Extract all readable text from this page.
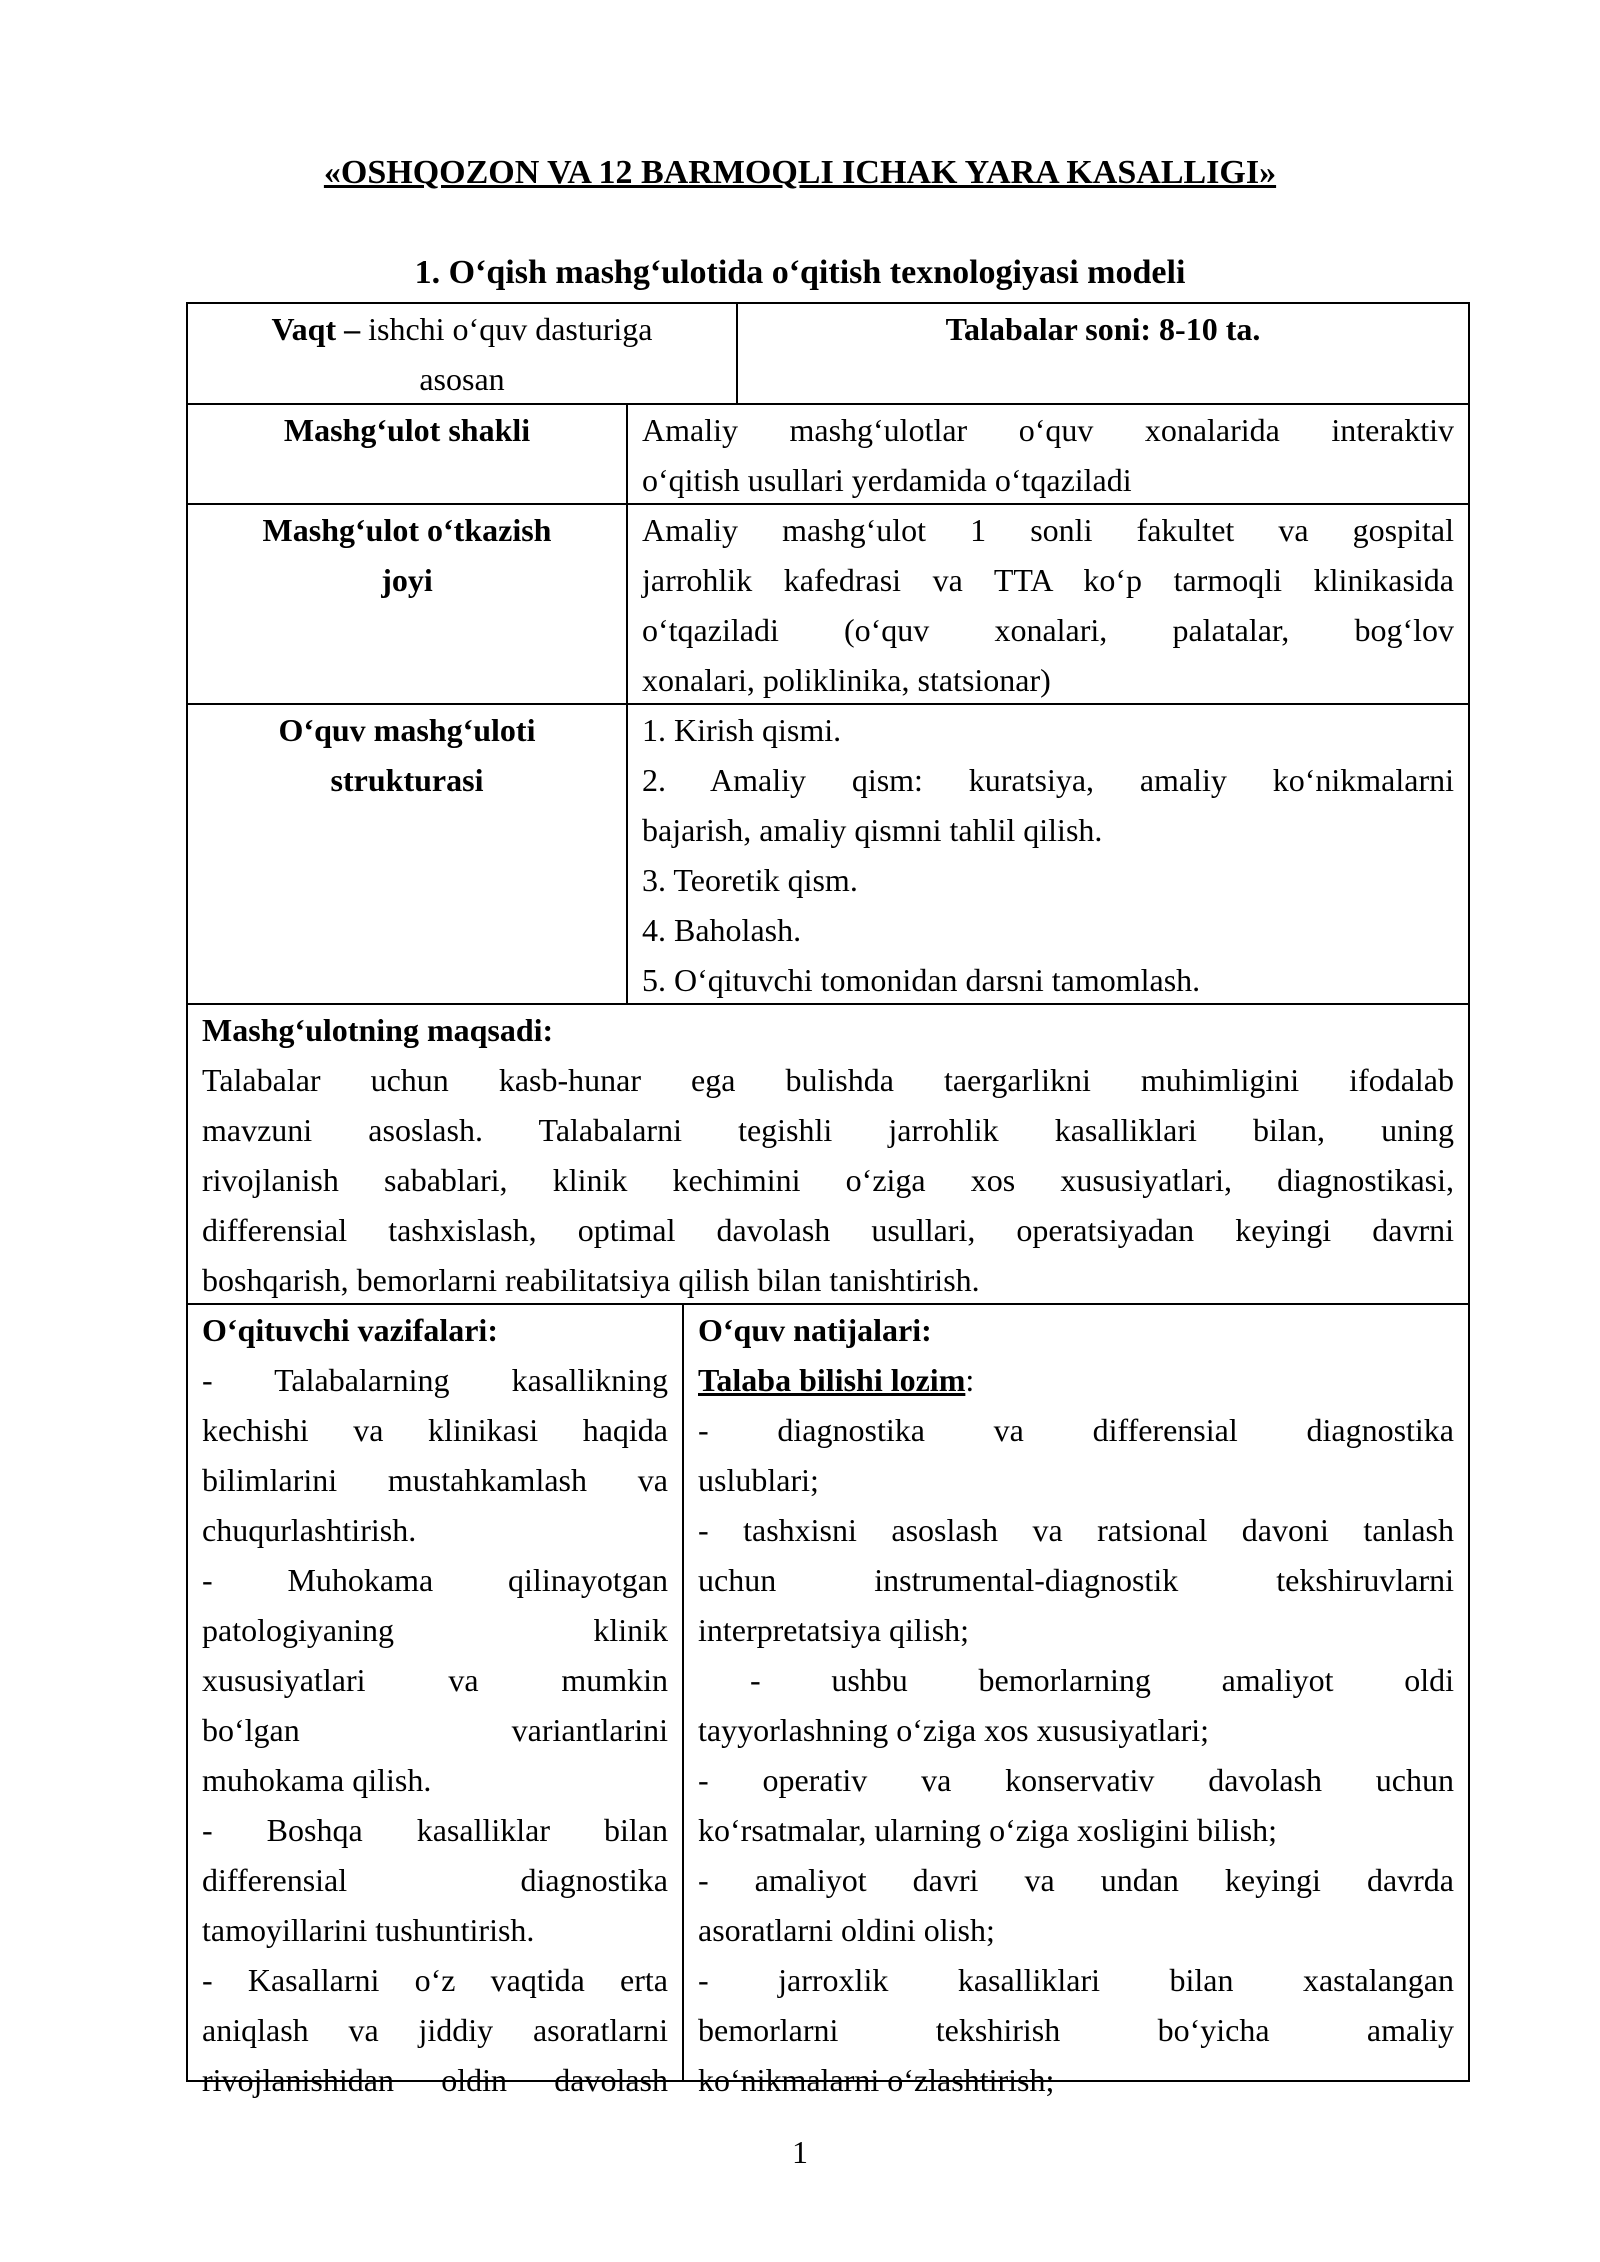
«OSHQOZON VA 12 BARMOQLI ICHAK YARA KASALLIGI»
1. O‘qish mashg‘ulotida o‘qitish texnologiyasi modeli
Vaqt – ishchi o‘quv dasturiga
asosan
Talabalar soni: 8-10 ta.
Mashg‘ulot shakli	Amaliy mashg‘ulotlar o‘quv xonalarida interaktiv
o‘qitish usullari yerdamida o‘tqaziladi
Mashg‘ulot o‘tkazish
joyi
Amaliy mashg‘ulot 1 sonli fakultet va gospital
jarrohlik kafedrasi va TTA ko‘p tarmoqli klinikasida
o‘tqaziladi (o‘quv xonalari, palatalar, bog‘lov
xonalari, poliklinika, statsionar)
O‘quv mashg‘uloti
strukturasi
1. Kirish qismi.
2. Amaliy qism: kuratsiya, amaliy ko‘nikmalarni
bajarish, amaliy qismni tahlil qilish.
3. Teoretik qism.
4. Baholash.
5. O‘qituvchi tomonidan darsni tamomlash.
Mashg‘ulotning maqsadi:
Talabalar uchun kasb-hunar ega bulishda taergarlikni muhimligini ifodalab
mavzuni asoslash. Talabalarni tegishli jarrohlik kasalliklari bilan, uning
rivojlanish sabablari, klinik kechimini o‘ziga xos xususiyatlari, diagnostikasi,
differensial tashxislash, optimal davolash usullari, operatsiyadan keyingi davrni
boshqarish, bemorlarni reabilitatsiya qilish bilan tanishtirish.
O‘qituvchi vazifalari:
- Talabalarning kasallikning
kechishi va klinikasi haqida
bilimlarini mustahkamlash va
chuqurlashtirish.
- Muhokama qilinayotgan
patologiyaning klinik
xususiyatlari va mumkin
bo‘lgan variantlarini
muhokama qilish.
- Boshqa kasalliklar bilan
differensial diagnostika
tamoyillarini tushuntirish.
- Kasallarni o‘z vaqtida erta
aniqlash va jiddiy asoratlarni
rivojlanishidan oldin davolash
O‘quv natijalari:
Talaba bilishi lozim:
- diagnostika va differensial diagnostika
uslublari;
- tashxisni asoslash va ratsional davoni tanlash
uchun instrumental-diagnostik tekshiruvlarni
interpretatsiya qilish;
- ushbu bemorlarning amaliyot oldi
tayyorlashning o‘ziga xos xususiyatlari;
- operativ va konservativ davolash uchun
ko‘rsatmalar, ularning o‘ziga xosligini bilish;
- amaliyot davri va undan keyingi davrda
asoratlarni oldini olish;
- jarroxlik kasalliklari bilan xastalangan
bemorlarni tekshirish bo‘yicha amaliy
ko‘nikmalarni o‘zlashtirish;
1
